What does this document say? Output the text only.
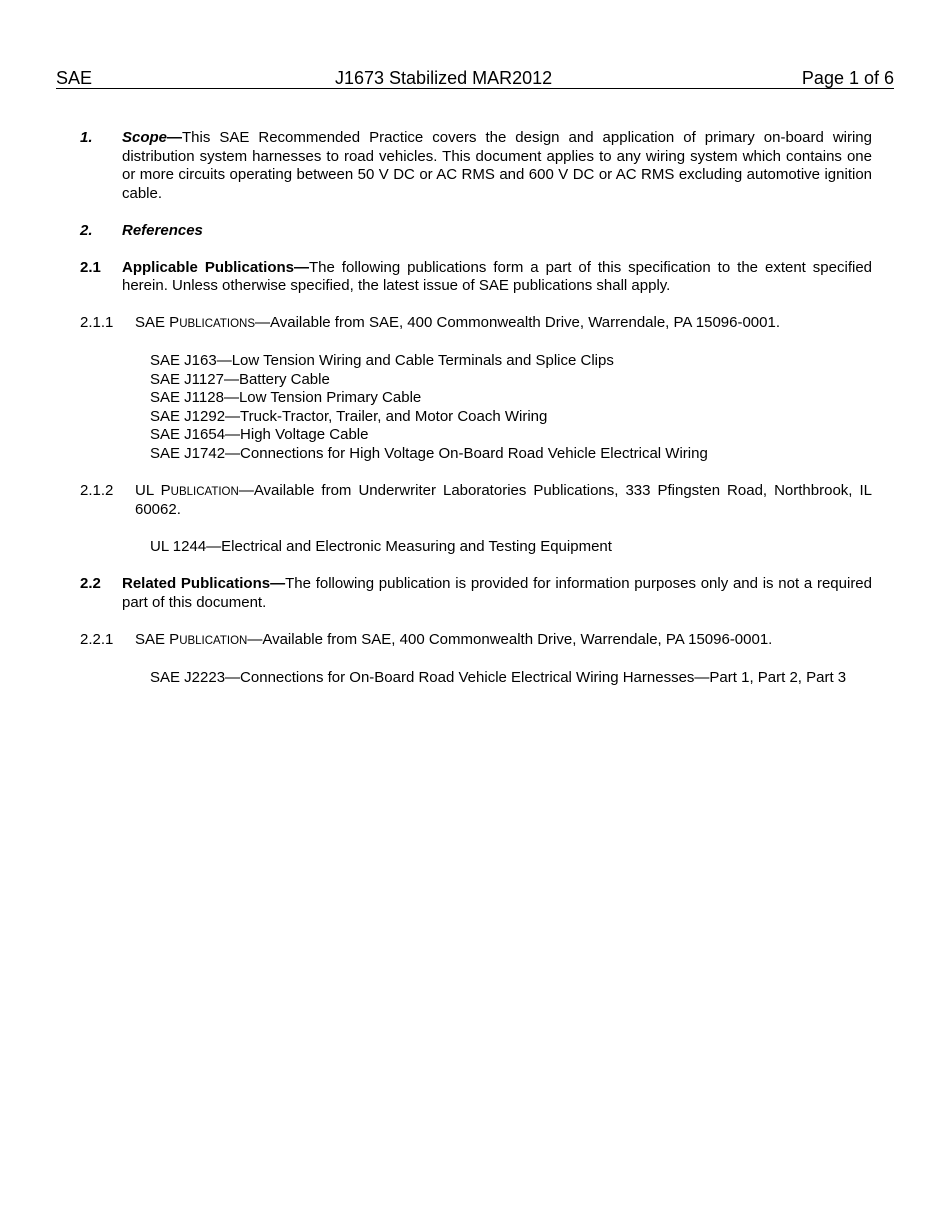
SAE	J1673 Stabilized MAR2012	Page 1 of 6
1. Scope—This SAE Recommended Practice covers the design and application of primary on-board wiring distribution system harnesses to road vehicles. This document applies to any wiring system which contains one or more circuits operating between 50 V DC or AC RMS and 600 V DC or AC RMS excluding automotive ignition cable.
2. References
2.1 Applicable Publications—The following publications form a part of this specification to the extent specified herein. Unless otherwise specified, the latest issue of SAE publications shall apply.
2.1.1 SAE PUBLICATIONS—Available from SAE, 400 Commonwealth Drive, Warrendale, PA 15096-0001.
SAE J163—Low Tension Wiring and Cable Terminals and Splice Clips
SAE J1127—Battery Cable
SAE J1128—Low Tension Primary Cable
SAE J1292—Truck-Tractor, Trailer, and Motor Coach Wiring
SAE J1654—High Voltage Cable
SAE J1742—Connections for High Voltage On-Board Road Vehicle Electrical Wiring
2.1.2 UL PUBLICATION—Available from Underwriter Laboratories Publications, 333 Pfingsten Road, Northbrook, IL 60062.
UL 1244—Electrical and Electronic Measuring and Testing Equipment
2.2 Related Publications—The following publication is provided for information purposes only and is not a required part of this document.
2.2.1 SAE PUBLICATION—Available from SAE, 400 Commonwealth Drive, Warrendale, PA 15096-0001.
SAE J2223—Connections for On-Board Road Vehicle Electrical Wiring Harnesses—Part 1, Part 2, Part 3
